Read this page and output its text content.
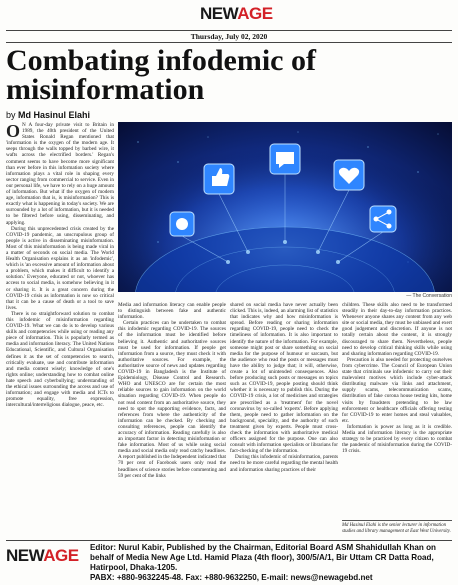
NEWAGE
Thursday, July 02, 2020
Combating infodemic of misinformation
by Md Hasinul Elahi

O N A four-day private visit to Britain in 1989, the 40th president of the United States Ronald Regan mentioned that 'information is the oxygen of the modern age. It seeps through the walls topped by barbed wire, it wafts across the electrified borders.' Regan's comment seems to have become more significant than ever before in this information society where information plays a vital role in shaping every sector ranging from commercial to service. Even in our personal life, we have to rely on a huge amount of information. But what if the oxygen of modern age, information that is, is misinformation? This is exactly what is happening in today's society. We are surrounded by a lot of information, but it is needed to be filtered before using, disseminating, and applying.

During this unprecedented crisis created by the COVID-19 pandemic, an unscrupulous group of people is active in disseminating misinformation. Most of this misinformation is being made viral in a matter of seconds on social media. The World Health Organisation explains it as an 'infodemic', which is 'an excessive amount of information about a problem, which makes it difficult to identify a solution.' Everyone, educated or not, whoever has access to social media, is somehow believing in it or sharing it. It is a great concern during the COVID-19 crisis as information is now so critical that it can be a cause of death or a tool to save lives.

There is no straightforward solution to combat this infodemic of misinformation regarding COVID-19. What we can do is to develop various skills and competencies while using or reading any piece of information. This is popularly termed as media and information literacy. The United Nations Educational, Scientific, and Cultural Organisation defines it as the set of competencies to search, critically evaluate, use and contribute information and media content wisely; knowledge of one's rights online; understanding how to combat online hate speech and cyberbullying; understanding of the ethical issues surrounding the access and use of information; and engage with media and ICTs to promote equality, free expression, intercultural/interreligious dialogue, peace, etc.

— The Conversation

Media and information literacy can enable people to distinguish between fake and authentic information.

Certain practices can be undertaken to combat this infodemic regarding COVID-19. The sources of the information must be identified before believing it. Authentic and authoritative sources must be used for information. If people get information from a source, they must check it with authoritative sources. For example, the authoritative source of news and updates regarding COVID-19 in Bangladesh is the Institute of Epidemiology, Disease Control and Research. WHO and UNESCO are for certain the most reliable sources to gain information on the world situation regarding COVID-19. When people do not read content from an authoritative source, they need to spot the supporting evidence, facts, and references from where the authenticity of the information can be checked. By checking and consulting references, people can identify the accuracy of information. Reading carefully is also an important factor in detecting misinformation or fake information. Most of us while using social media and social media only read catchy headlines. A report published in the Independent indicated that 70 per cent of Facebook users only read the headlines of science stories before commenting and 59 per cent of the links

shared on social media have never actually been clicked. This is, indeed, an alarming list of statistics that indicates why and how misinformation is spread. Before reading or sharing information regarding COVID-19, people need to check the timeliness of information. It is also important to identify the nature of the information. For example, someone might post or share something on social media for the purpose of humour or sarcasm, but the audience who read the posts or messages must have the ability to judge that; it will, otherwise, create a lot of unintended consequences. Also before producing such posts or messages on topics such as COVID-19, people posting should think whether it is necessary to publish this. During the COVID-19 crisis, a lot of medicines and strategies are prescribed as a 'treatment' for the novel coronavirus by so-called 'experts'. Before applying them, people need to gather information on the background, speciality, and the authority of such treatment given by experts. People must cross-check the information with authoritative medical officers assigned for the purpose. One can also consult with information specialists or librarians for fact-checking of the information.

During this infodemic of misinformation, parents need to be more careful regarding the mental health and information sharing practices of their

children. These skills also need to be transformed steadily in their day-to-day information practices. Whenever anyone shares any content from any web site or social media, they must be unbiased and exert good judgement and discretion. If anyone is not totally certain about the content, it is strongly discouraged to share them. Nevertheless, people need to develop critical thinking skills while using and sharing information regarding COVID-19.

Precaution is also needed for protecting ourselves from cybercrime. The Council of European Union state that criminals use infodemic to carry out their malevolent motives which include cyber-attack distributing malware via links and attachment, supply scams, telecommunication scams, distribution of fake corona house testing kits, home visits by fraudsters pretending to be law enforcement or healthcare officials offering testing for COVID-19 to enter homes and steal valuables, etc.

Information is power as long as it is credible. Media and information literacy is the appropriate strategy to be practiced by every citizen to combat the pandemic of misinformation during the COVID-19 crisis.

Md Hasinul Elahi is the senior lecturer in information studies and library management at East West University.
NEWAGE Editor: Nurul Kabir, Published by the Chairman, Editorial Board ASM Shahidullah Khan on
behalf of Media New Age Ltd. Hamid Plaza (4th floor), 300/5/A/1, Bir Uttam CR Datta Road,
Hatirpool, Dhaka-1205.
PABX: +880-9632245-48. Fax: +880-9632250, E-mail: news@newagebd.net
